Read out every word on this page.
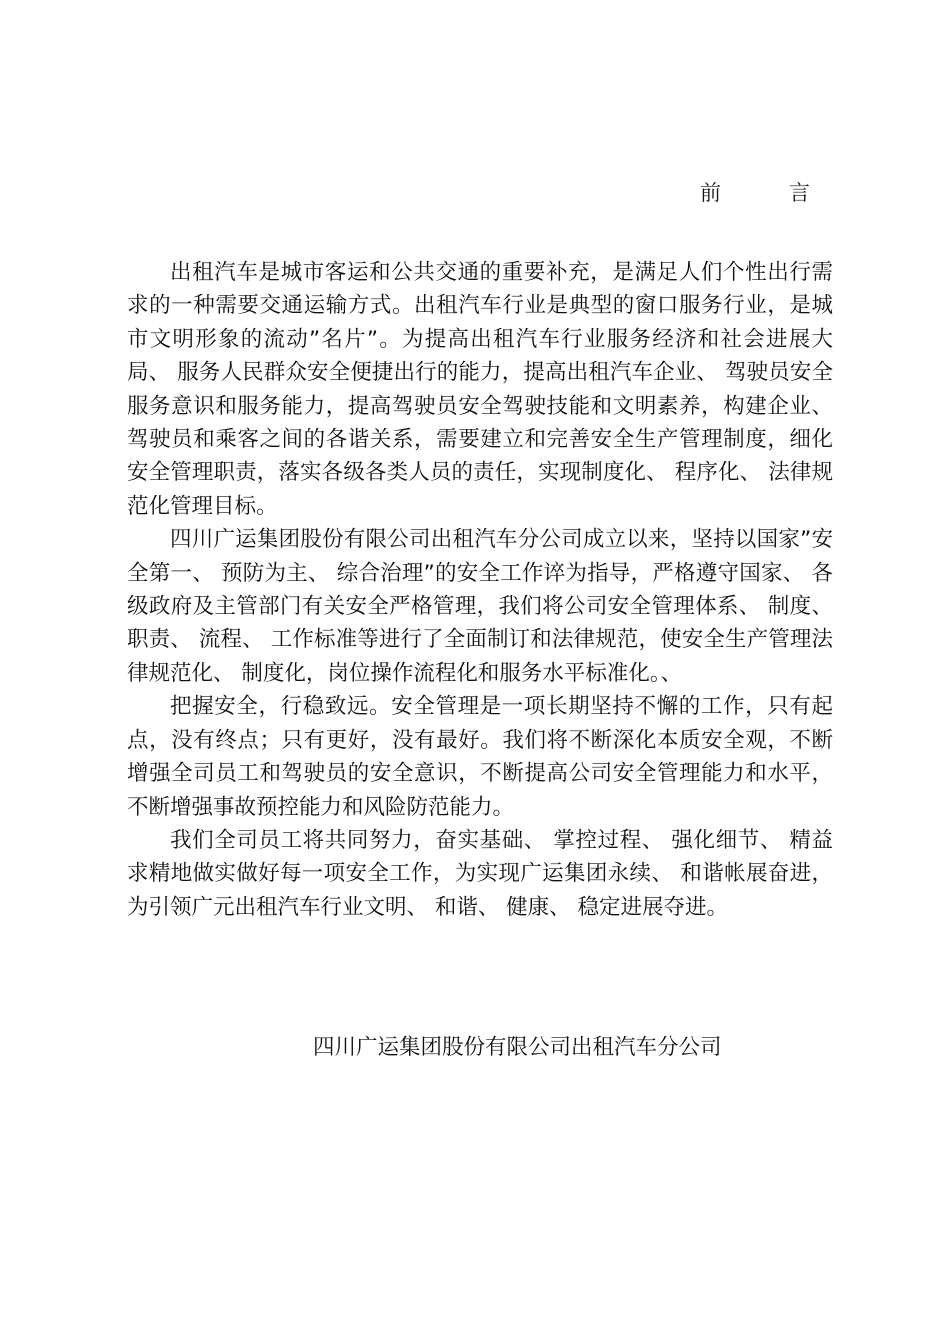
前	言

出租汽车是城市客运和公共交通的重要补充，是满足人们个性出行需求的一种需要交通运输方式。出租汽车行业是典型的窗口服务行业，是城市文明形象的流动”名片”。为提高出租汽车行业服务经济和社会进展大局、 服务人民群众安全便捷出行的能力，提高出租汽车企业、 驾驶员安全服务意识和服务能力，提高驾驶员安全驾驶技能和文明素养，构建企业、 驾驶员和乘客之间的各谐关系，需要建立和完善安全生产管理制度，细化安全管理职责，落实各级各类人员的责任，实现制度化、 程序化、 法律规范化管理目标。

四川广运集团股份有限公司出租汽车分公司成立以来，坚持以国家”安全第一、 预防为主、 综合治理”的安全工作谇为指导，严格遵守国家、 各级政府及主管部门有关安全严格管理，我们将公司安全管理体系、 制度、 职责、 流程、 工作标准等进行了全面制订和法律规范，使安全生产管理法律规范化、 制度化，岗位操作流程化和服务水平标准化。、

把握安全，行稳致远。安全管理是一项长期坚持不懈的工作，只有起点，没有终点；只有更好，没有最好。我们将不断深化本质安全观，不断增强全司员工和驾驶员的安全意识，不断提高公司安全管理能力和水平，不断增强事故预控能力和风险防范能力。

我们全司员工将共同努力，奋实基础、 掌控过程、 强化细节、 精益求精地做实做好每一项安全工作，为实现广运集团永续、 和谐帐展奋进，为引领广元出租汽车行业文明、 和谐、 健康、 稳定进展夺进。

四川广运集团股份有限公司出租汽车分公司
